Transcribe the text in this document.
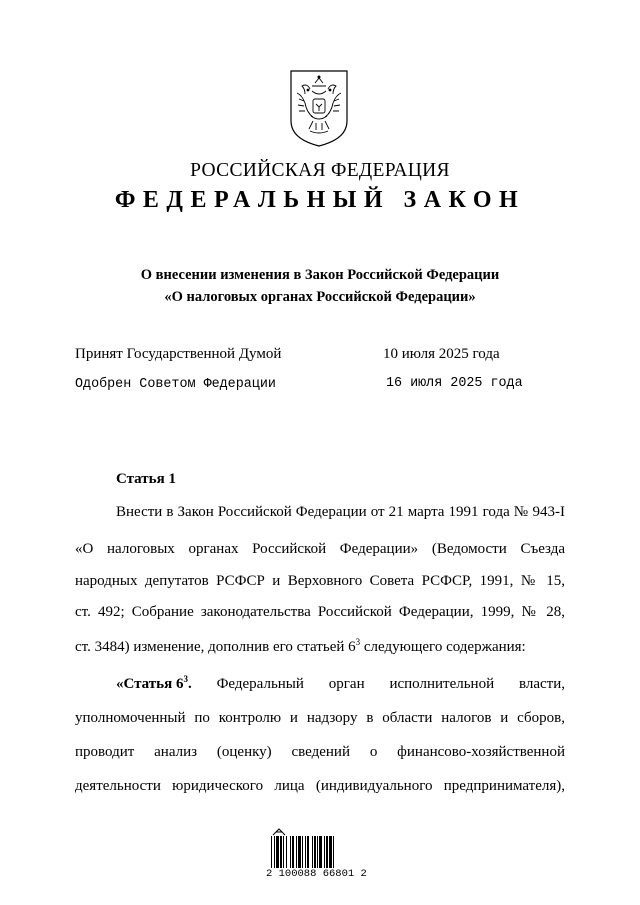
РОССИЙСКАЯ ФЕДЕРАЦИЯ
ФЕДЕРАЛЬНЫЙ ЗАКОН
О внесении изменения в Закон Российской Федерации
«О налоговых органах Российской Федерации»
Принят Государственной Думой	10 июля 2025 года
Одобрен Советом Федерации	16 июля 2025 года
Статья 1
Внести в Закон Российской Федерации от 21 марта 1991 года № 943-I
«О налоговых органах Российской Федерации» (Ведомости Съезда
народных депутатов РСФСР и Верховного Совета РСФСР, 1991, № 15,
ст. 492; Собрание законодательства Российской Федерации, 1999, № 28,
ст. 3484) изменение, дополнив его статьей $6^3$ следующего содержания:
«Статья $6^3$. Федеральный орган исполнительной власти,
уполномоченный по контролю и надзору в области налогов и сборов,
проводит анализ (оценку) сведений о финансово-хозяйственной
деятельности юридического лица (индивидуального предпринимателя),
2 100088 66801 2
